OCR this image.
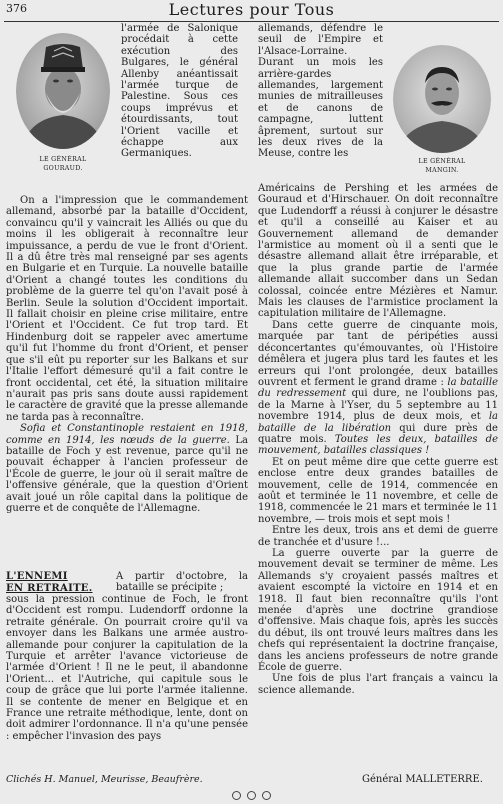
376	Lectures pour Tous
LE GÉNÉRAL
GOURAUD.
LE GÉNÉRAL
MANGIN.

l'armée de Salonique procédait à cette exécution des Bulgares, le général Allenby anéantissait l'armée turque de Palestine. Sous ces coups imprévus et étourdissants, tout l'Orient vacille et échappe aux Germaniques.

allemands, défendre le seuil de l'Empire et l'Alsace-Lorraine. Durant un mois les arrière-gardes allemandes, largement munies de mitrailleuses et de canons de campagne, luttent âprement, surtout sur les deux rives de la Meuse, contre les

On a l'impression que le commandement allemand, absorbé par la bataille d'Occident, convaincu qu'il y vaincrait les Alliés ou que du moins il les obligerait à reconnaître leur impuissance, a perdu de vue le front d'Orient. Il a dû être très mal renseigné par ses agents en Bulgarie et en Turquie. La nouvelle bataille d'Orient a changé toutes les conditions du problème de la guerre tel qu'on l'avait posé à Berlin. Seule la solution d'Occident importait. Il fallait choisir en pleine crise militaire, entre l'Orient et l'Occident. Ce fut trop tard. Et Hindenburg doit se rappeler avec amertume qu'il fut l'homme du front d'Orient, et penser que s'il eût pu reporter sur les Balkans et sur l'Italie l'effort démesuré qu'il a fait contre le front occidental, cet été, la situation militaire n'aurait pas pris sans doute aussi rapidement le caractère de gravité que la presse allemande ne tarda pas à reconnaître.

Sofia et Constantinople restaient en 1918, comme en 1914, les nœuds de la guerre. La bataille de Foch y est revenue, parce qu'il ne pouvait échapper à l'ancien professeur de l'École de guerre, le jour où il serait maître de l'offensive générale, que la question d'Orient avait joué un rôle capital dans la politique de guerre et de conquête de l'Allemagne.

L'ENNEMI
EN RETRAITE.

A partir d'octobre, la bataille se précipite ;

sous la pression continue de Foch, le front d'Occident est rompu. Ludendorff ordonne la retraite générale. On pourrait croire qu'il va envoyer dans les Balkans une armée austro-allemande pour conjurer la capitulation de la Turquie et arrêter l'avance victorieuse de l'armée d'Orient ! Il ne le peut, il abandonne l'Orient... et l'Autriche, qui capitule sous le coup de grâce que lui porte l'armée italienne. Il se contente de mener en Belgique et en France une retraite méthodique, lente, dont on doit admirer l'ordonnance. Il n'a qu'une pensée : empêcher l'invasion des pays

Américains de Pershing et les armées de Gouraud et d'Hirschauer. On doit reconnaître que Ludendorff a réussi à conjurer le désastre et qu'il a conseillé au Kaiser et au Gouvernement allemand de demander l'armistice au moment où il a senti que le désastre allemand allait être irréparable, et que la plus grande partie de l'armée allemande allait succomber dans un Sedan colossal, coincée entre Mézières et Namur. Mais les clauses de l'armistice proclament la capitulation militaire de l'Allemagne.

Dans cette guerre de cinquante mois, marquée par tant de péripéties aussi déconcertantes qu'émouvantes, où l'Histoire démêlera et jugera plus tard les fautes et les erreurs qui l'ont prolongée, deux batailles ouvrent et ferment le grand drame : la bataille du redressement qui dure, ne l'oublions pas, de la Marne à l'Yser, du 5 septembre au 11 novembre 1914, plus de deux mois, et la bataille de la libération qui dure près de quatre mois. Toutes les deux, batailles de mouvement, batailles classiques !

Et on peut même dire que cette guerre est enclose entre deux grandes batailles de mouvement, celle de 1914, commencée en août et terminée le 11 novembre, et celle de 1918, commencée le 21 mars et terminée le 11 novembre, — trois mois et sept mois !

Entre les deux, trois ans et demi de guerre de tranchée et d'usure !...

La guerre ouverte par la guerre de mouvement devait se terminer de même. Les Allemands s'y croyaient passés maîtres et avaient escompté la victoire en 1914 et en 1918. Il faut bien reconnaître qu'ils l'ont menée d'après une doctrine grandiose d'offensive. Mais chaque fois, après les succès du début, ils ont trouvé leurs maîtres dans les chefs qui représentaient la doctrine française, dans les anciens professeurs de notre grande École de guerre.

Une fois de plus l'art français a vaincu la science allemande.

Clichés H. Manuel, Meurisse, Beaufrère.	Général MALLETERRE.
